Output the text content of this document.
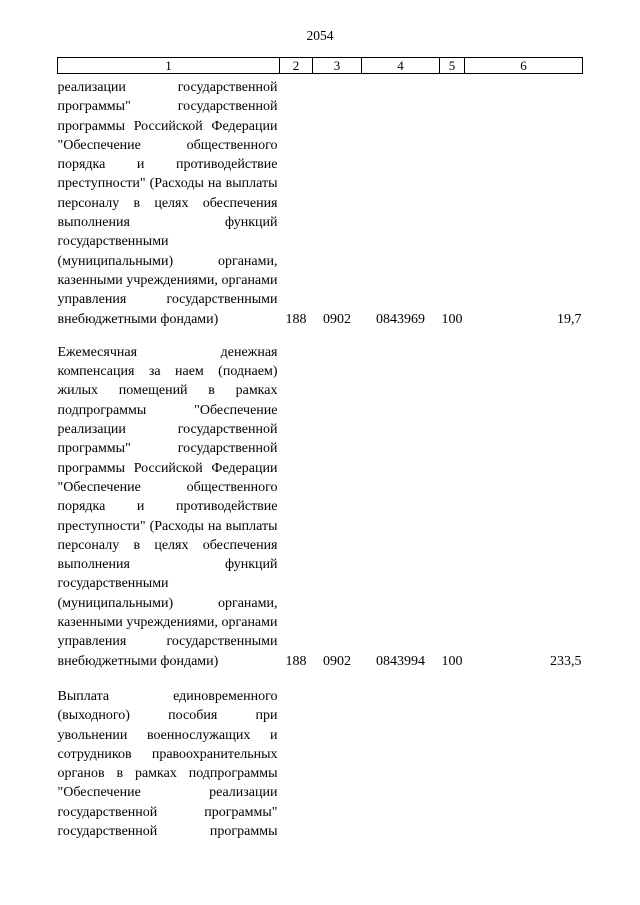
2054
1	2	3	4	5	6
реализации государственной программы" государственной программы Российской Федерации "Обеспечение общественного порядка и противодействие преступности" (Расходы на выплаты персоналу в целях обеспечения выполнения функций государственными (муниципальными) органами, казенными учреждениями, органами управления государственными внебюджетными фондами)	188	0902	0843969	100	19,7
Ежемесячная денежная компенсация за наем (поднаем) жилых помещений в рамках подпрограммы "Обеспечение реализации государственной программы" государственной программы Российской Федерации "Обеспечение общественного порядка и противодействие преступности" (Расходы на выплаты персоналу в целях обеспечения выполнения функций государственными (муниципальными) органами, казенными учреждениями, органами управления государственными внебюджетными фондами)	188	0902	0843994	100	233,5
Выплата единовременного (выходного) пособия при увольнении военнослужащих и сотрудников правоохранительных органов в рамках подпрограммы "Обеспечение реализации государственной программы" государственной программы					
